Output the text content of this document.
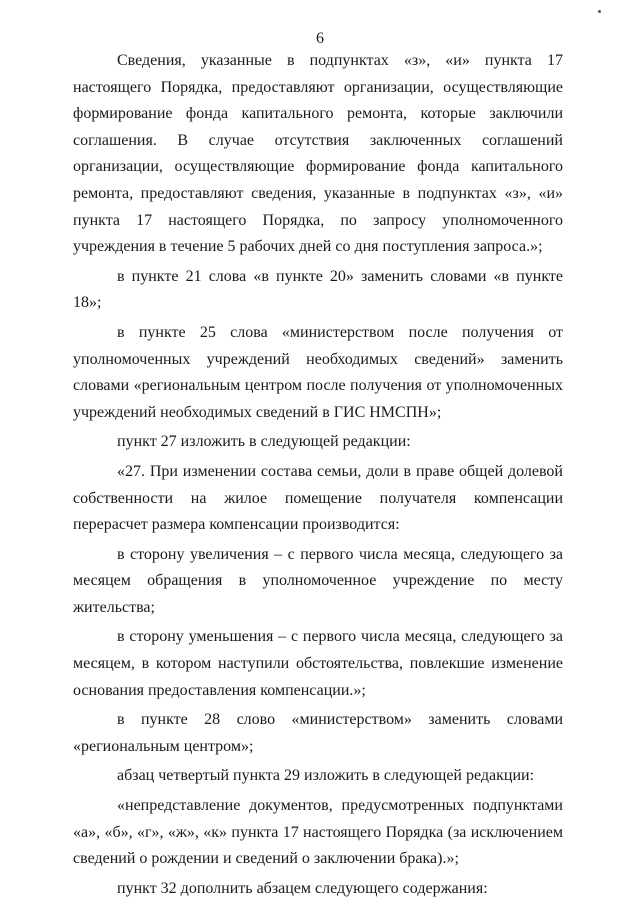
6

Сведения, указанные в подпунктах «з», «и» пункта 17 настоящего Порядка, предоставляют организации, осуществляющие формирование фонда капитального ремонта, которые заключили соглашения. В случае отсутствия заключенных соглашений организации, осуществляющие формирование фонда капитального ремонта, предоставляют сведения, указанные в подпунктах «з», «и» пункта 17 настоящего Порядка, по запросу уполномоченного учреждения в течение 5 рабочих дней со дня поступления запроса.»;

в пункте 21 слова «в пункте 20» заменить словами «в пункте 18»;

в пункте 25 слова «министерством после получения от уполномоченных учреждений необходимых сведений» заменить словами «региональным центром после получения от уполномоченных учреждений необходимых сведений в ГИС НМСПН»;

пункт 27 изложить в следующей редакции:

«27. При изменении состава семьи, доли в праве общей долевой собственности на жилое помещение получателя компенсации перерасчет размера компенсации производится:

в сторону увеличения – с первого числа месяца, следующего за месяцем обращения в уполномоченное учреждение по месту жительства;

в сторону уменьшения – с первого числа месяца, следующего за месяцем, в котором наступили обстоятельства, повлекшие изменение основания предоставления компенсации.»;

в пункте 28 слово «министерством» заменить словами «региональным центром»;

абзац четвертый пункта 29 изложить в следующей редакции:

«непредставление документов, предусмотренных подпунктами «а», «б», «г», «ж», «к» пункта 17 настоящего Порядка (за исключением сведений о рождении и сведений о заключении брака).»;

пункт 32 дополнить абзацем следующего содержания:
